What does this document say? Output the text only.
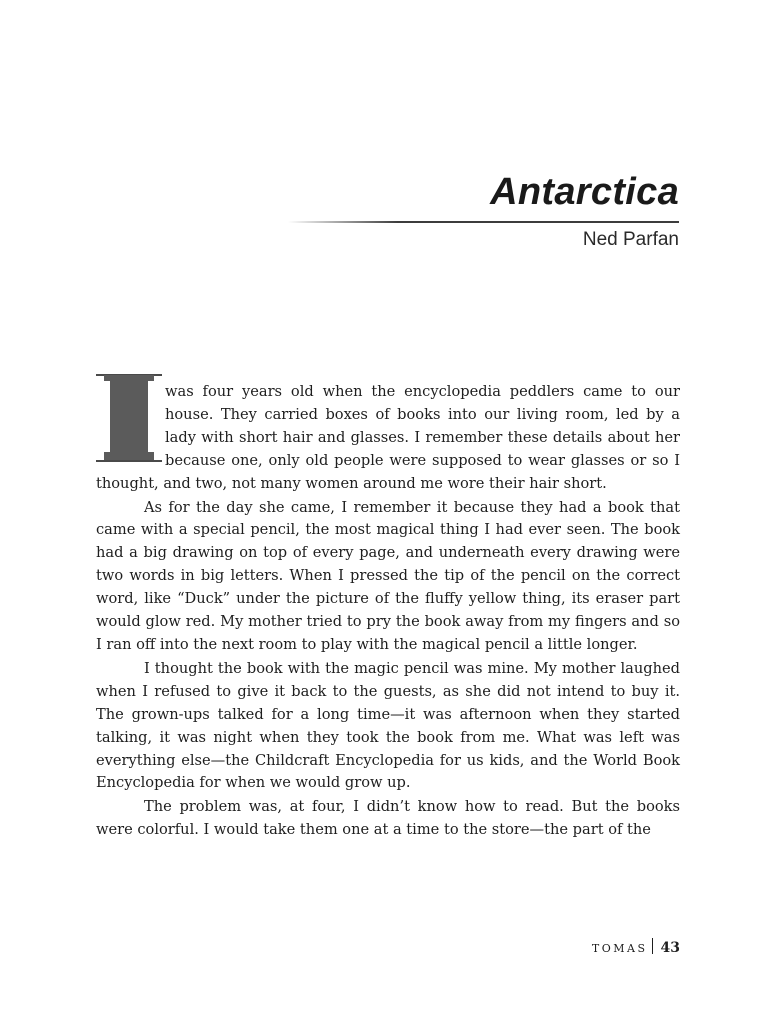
Antarctica
Ned Parfan

was four years old when the encyclopedia peddlers came to our house. They carried boxes of books into our living room, led by a lady with short hair and glasses. I remember these details about her because one, only old people were supposed to wear glasses or so I thought, and two, not many women around me wore their hair short.

As for the day she came, I remember it because they had a book that came with a special pencil, the most magical thing I had ever seen. The book had a big drawing on top of every page, and underneath every drawing were two words in big letters. When I pressed the tip of the pencil on the correct word, like “Duck” under the picture of the fluffy yellow thing, its eraser part would glow red. My mother tried to pry the book away from my fingers and so I ran off into the next room to play with the magical pencil a little longer.

I thought the book with the magic pencil was mine. My mother laughed when I refused to give it back to the guests, as she did not intend to buy it. The grown-ups talked for a long time—it was afternoon when they started talking, it was night when they took the book from me. What was left was everything else—the Childcraft Encyclopedia for us kids, and the World Book Encyclopedia for when we would grow up.

The problem was, at four, I didn’t know how to read. But the books were colorful. I would take them one at a time to the store—the part of the

TOMAS 43
